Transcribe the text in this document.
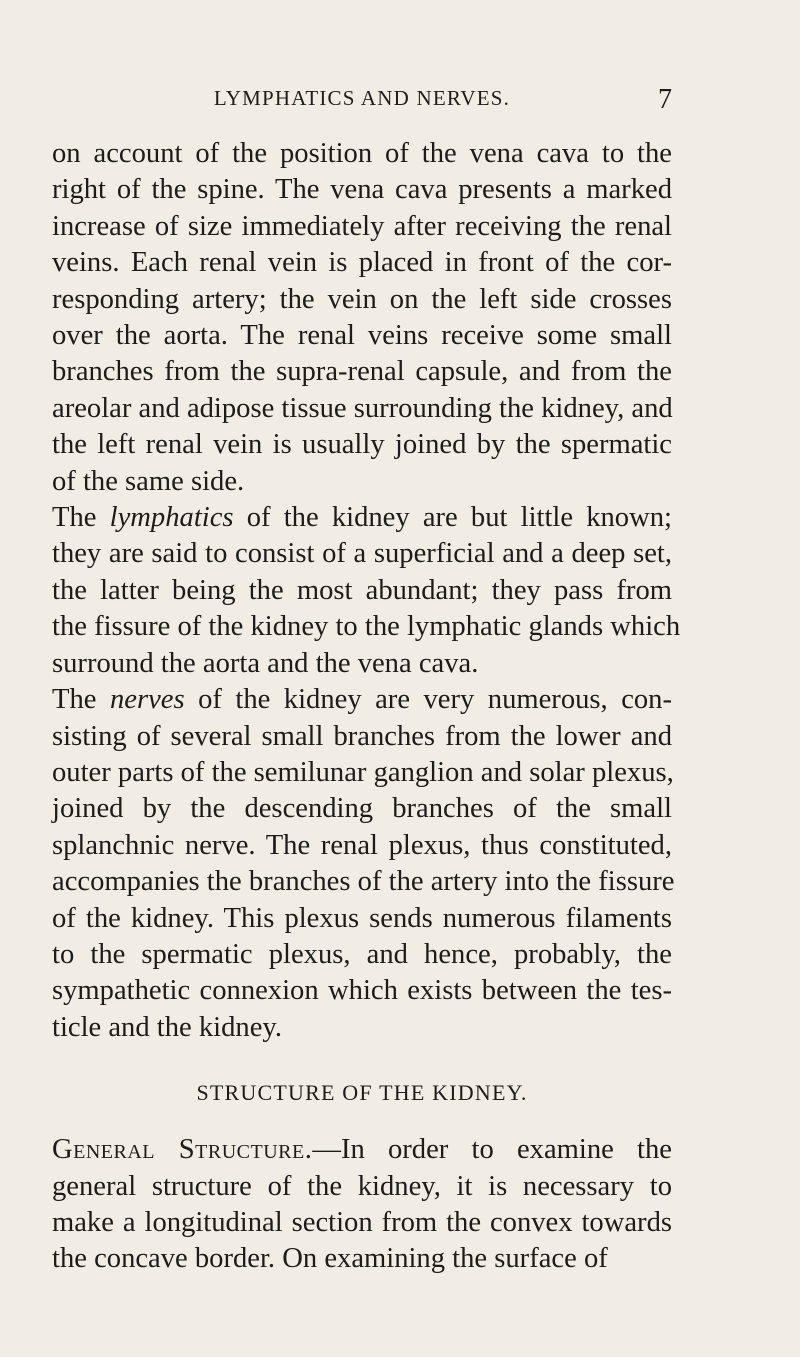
LYMPHATICS AND NERVES.	7

on account of the position of the vena cava to the
right of the spine. The vena cava presents a marked
increase of size immediately after receiving the renal
veins. Each renal vein is placed in front of the cor-
responding artery; the vein on the left side crosses
over the aorta. The renal veins receive some small
branches from the supra-renal capsule, and from the
areolar and adipose tissue surrounding the kidney, and
the left renal vein is usually joined by the spermatic
of the same side.

The lymphatics of the kidney are but little known;
they are said to consist of a superficial and a deep set,
the latter being the most abundant; they pass from
the fissure of the kidney to the lymphatic glands which
surround the aorta and the vena cava.

The nerves of the kidney are very numerous, con-
sisting of several small branches from the lower and
outer parts of the semilunar ganglion and solar plexus,
joined by the descending branches of the small
splanchnic nerve. The renal plexus, thus constituted,
accompanies the branches of the artery into the fissure
of the kidney. This plexus sends numerous filaments
to the spermatic plexus, and hence, probably, the
sympathetic connexion which exists between the tes-
ticle and the kidney.

STRUCTURE OF THE KIDNEY.

General Structure.—In order to examine the
general structure of the kidney, it is necessary to
make a longitudinal section from the convex towards
the concave border. On examining the surface of
